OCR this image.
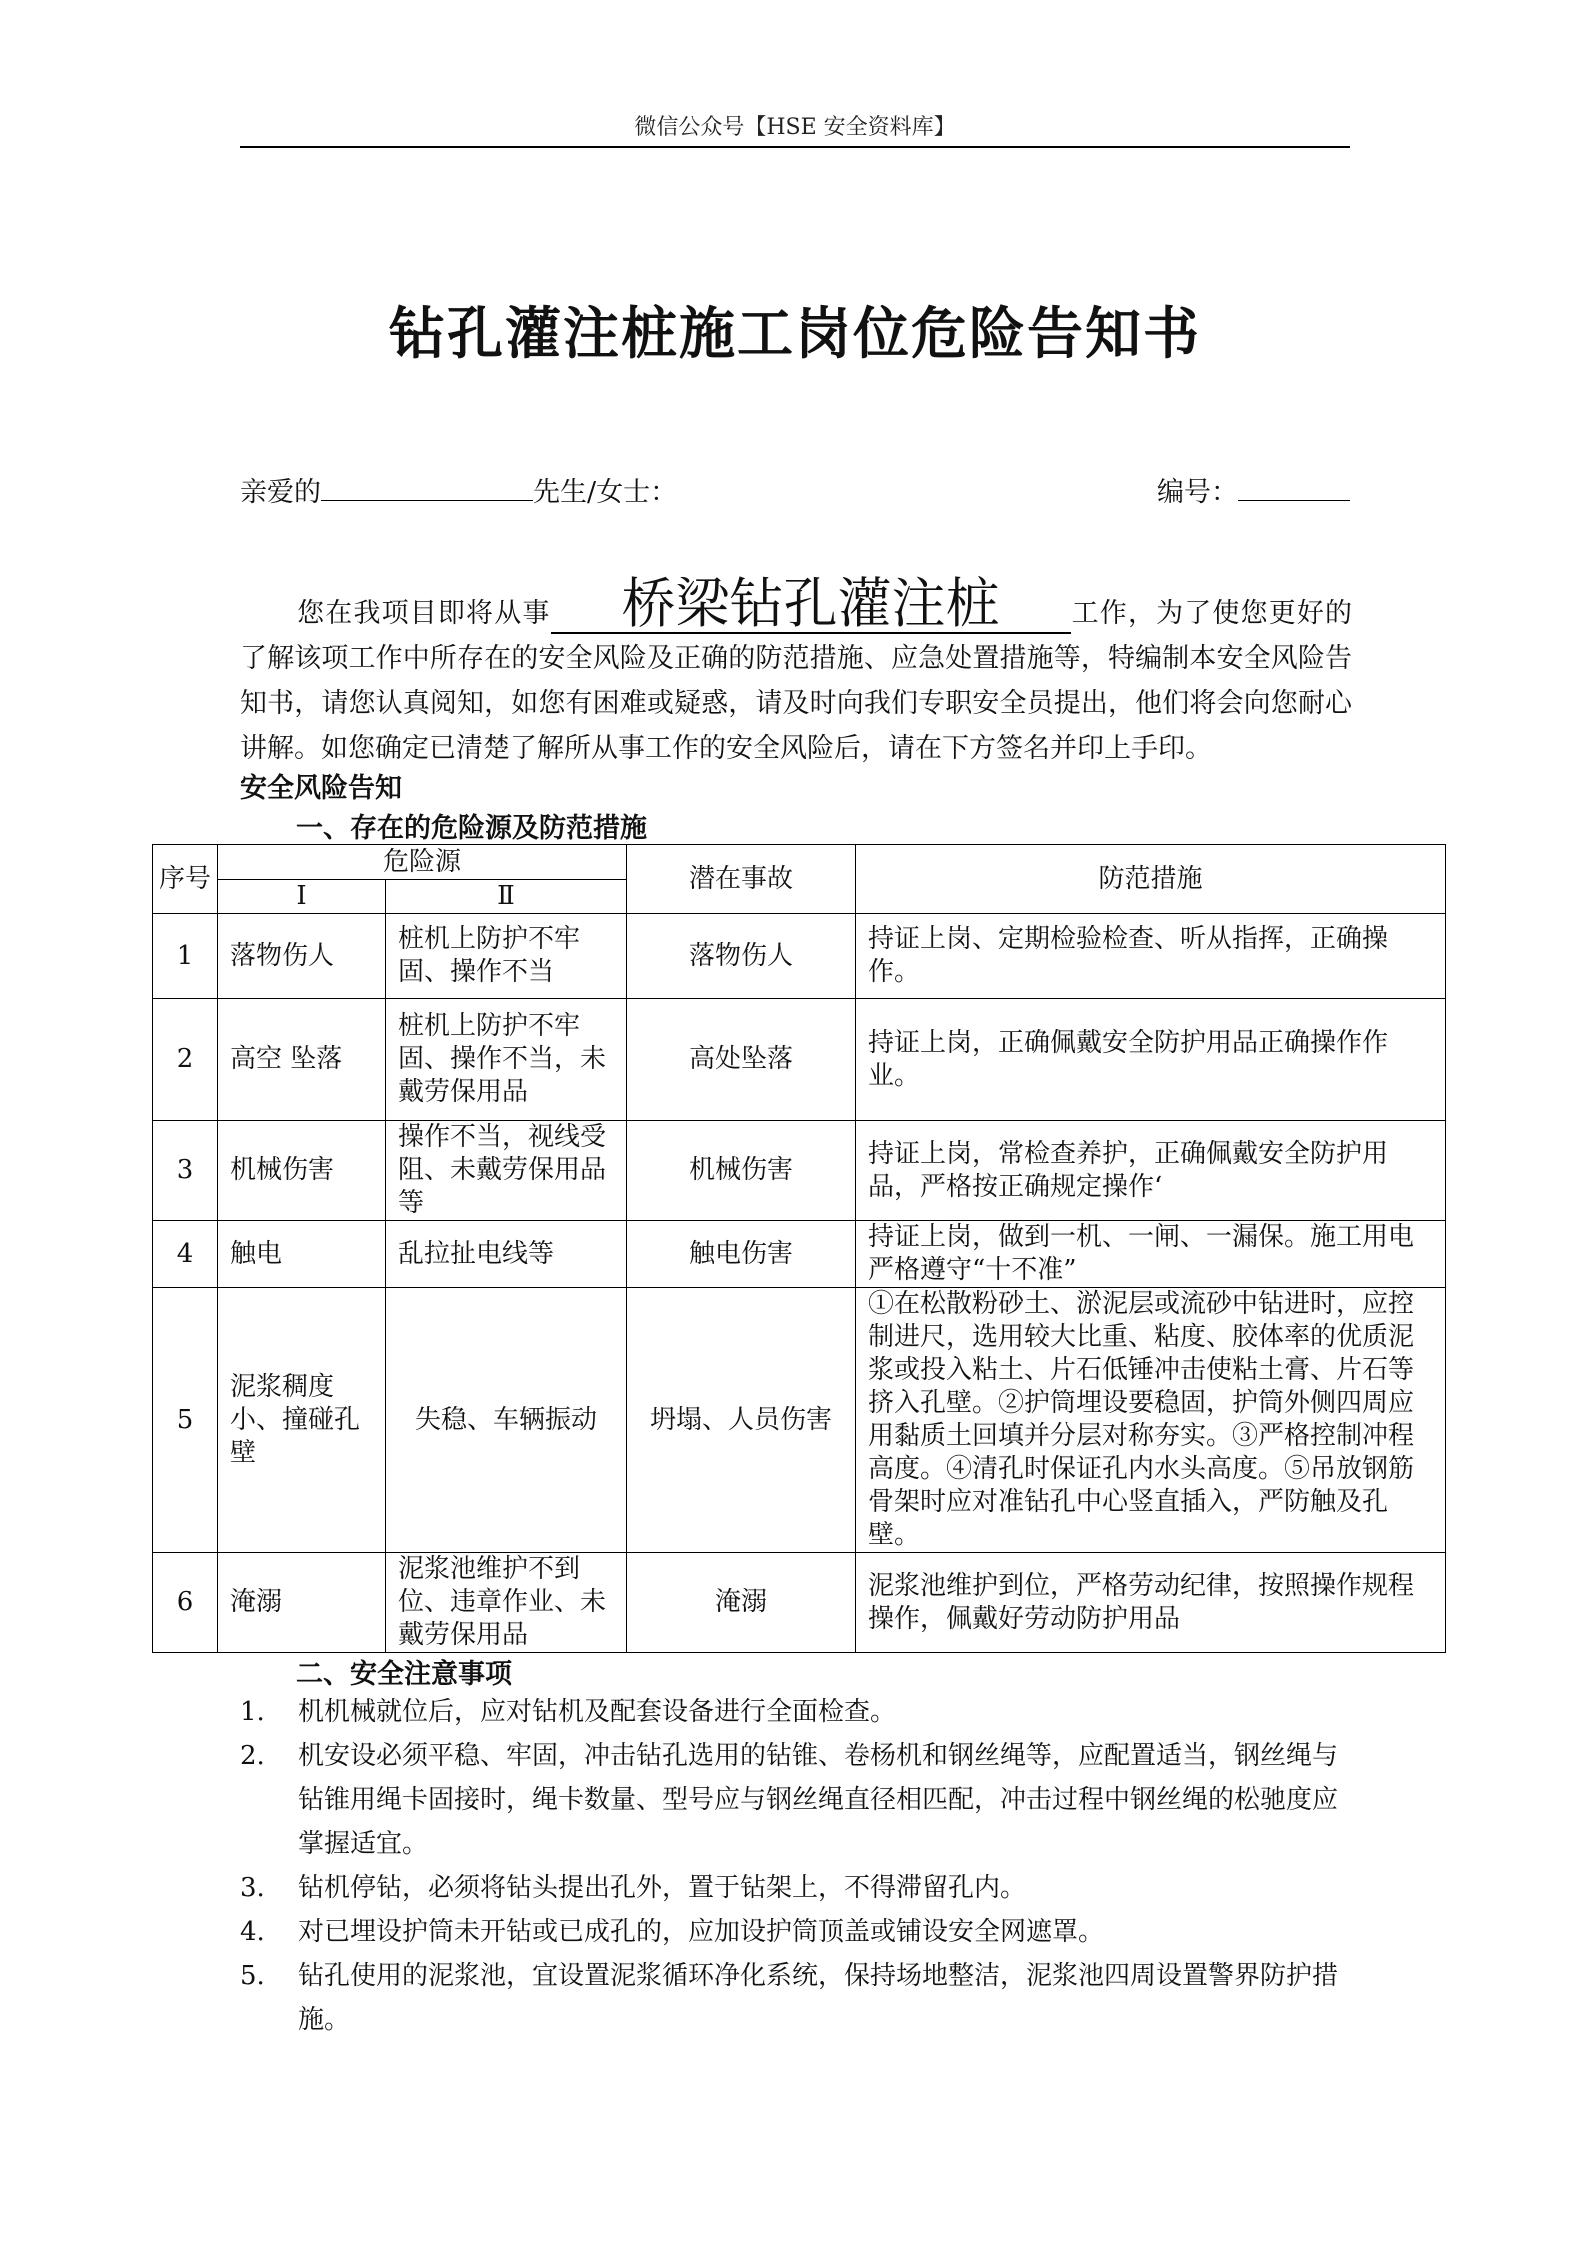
微信公众号【HSE 安全资料库】
钻孔灌注桩施工岗位危险告知书
亲爱的	先生/女士：	编号：

您在我项目即将从事 桥梁钻孔灌注桩	工作，为了使您更好的了解该项工作中所存在的安全风险及正确的防范措施、应急处置措施等，特编制本安全风险告知书，请您认真阅知，如您有困难或疑惑，请及时向我们专职安全员提出，他们将会向您耐心讲解。如您确定已清楚了解所从事工作的安全风险后，请在下方签名并印上手印。

安全风险告知
一、存在的危险源及防范措施
序号	危险源		潜在事故	防范措施
	Ⅰ	Ⅱ		
1	落物伤人	桩机上防护不牢固、操作不当	落物伤人	持证上岗、定期检验检查、听从指挥，正确操作。
2	高空 坠落	桩机上防护不牢固、操作不当，未戴劳保用品	高处坠落	持证上岗，正确佩戴安全防护用品正确操作作业。
3	机械伤害	操作不当，视线受阻、未戴劳保用品等	机械伤害	持证上岗，常检查养护，正确佩戴安全防护用品，严格按正确规定操作‘
4	触电	乱拉扯电线等	触电伤害	持证上岗，做到一机、一闸、一漏保。施工用电严格遵守“十不准”
5	泥浆稠度小、撞碰孔壁	失稳、车辆振动	坍塌、人员伤害	①在松散粉砂土、淤泥层或流砂中钻进时，应控制进尺，选用较大比重、粘度、胶体率的优质泥浆或投入粘土、片石低锤冲击使粘土膏、片石等挤入孔壁。②护筒埋设要稳固，护筒外侧四周应用黏质土回填并分层对称夯实。③严格控制冲程高度。④清孔时保证孔内水头高度。⑤吊放钢筋骨架时应对准钻孔中心竖直插入，严防触及孔壁。
6	淹溺	泥浆池维护不到位、违章作业、未戴劳保用品	淹溺	泥浆池维护到位，严格劳动纪律，按照操作规程操作，佩戴好劳动防护用品
二、安全注意事项
1.	机机械就位后，应对钻机及配套设备进行全面检查。
2.	机安设必须平稳、牢固，冲击钻孔选用的钻锥、卷杨机和钢丝绳等，应配置适当，钢丝绳与钻锥用绳卡固接时，绳卡数量、型号应与钢丝绳直径相匹配，冲击过程中钢丝绳的松驰度应掌握适宜。
3.	钻机停钻，必须将钻头提出孔外，置于钻架上，不得滞留孔内。
4.	对已埋设护筒未开钻或已成孔的，应加设护筒顶盖或铺设安全网遮罩。
5.	钻孔使用的泥浆池，宜设置泥浆循环净化系统，保持场地整洁，泥浆池四周设置警界防护措施。
